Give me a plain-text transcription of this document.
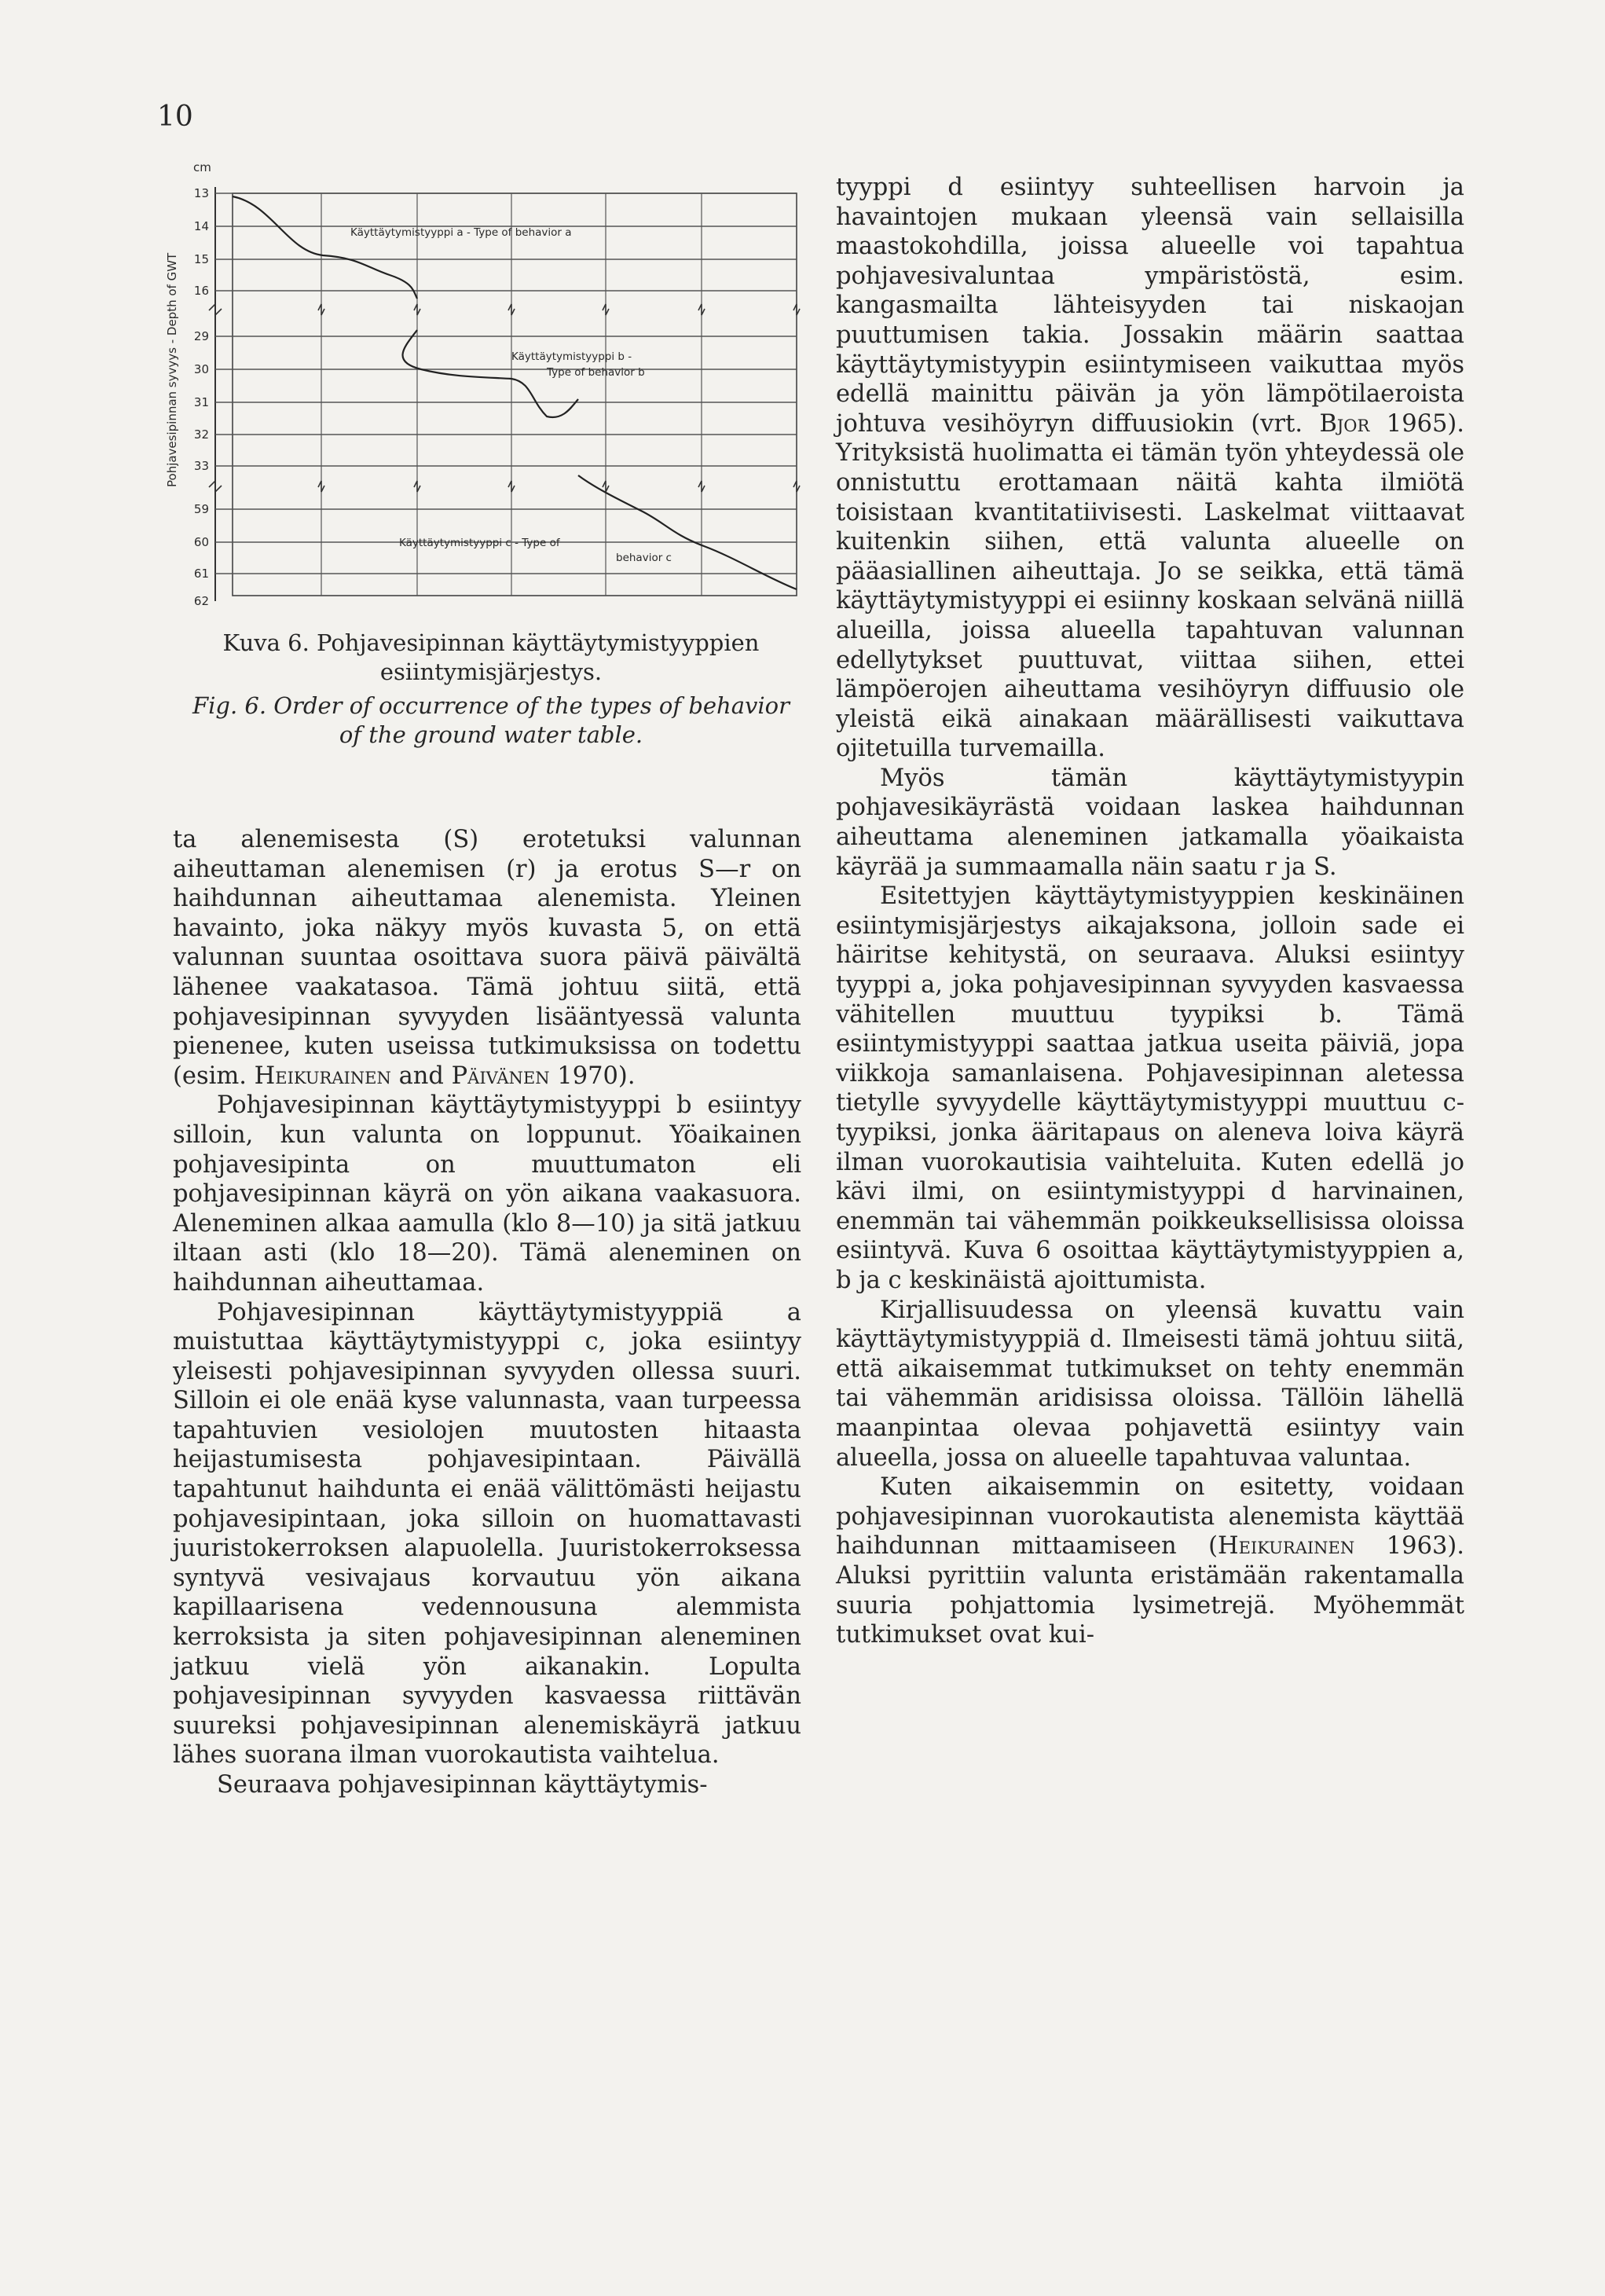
10

Pohjavesipinnan syvyys - Depth of GWT
cm
13
14
15
16
29
30
31
32
33
59
60
61
62
Käyttäytymistyyppi a - Type of behavior a
Käyttäytymistyyppi b -
Type of behavior b
Käyttäytymistyyppi c - Type of
behavior c
Kuva 6. Pohjavesipinnan käyttäytymistyyppien
esiintymisjärjestys.
Fig. 6. Order of occurrence of the types of behavior
of the ground water table.

ta alenemisesta (S) erotetuksi valunnan aiheuttaman alenemisen (r) ja erotus S—r on haihdunnan aiheuttamaa alenemista. Yleinen havainto, joka näkyy myös kuvasta 5, on että valunnan suuntaa osoittava suora päivä päivältä lähenee vaakatasoa. Tämä johtuu siitä, että pohjavesipinnan syvyyden lisääntyessä valunta pienenee, kuten useissa tutkimuksissa on todettu (esim. Heikurainen and Päivänen 1970).

Pohjavesipinnan käyttäytymistyyppi b esiintyy silloin, kun valunta on loppunut. Yöaikainen pohjavesipinta on muuttumaton eli pohjavesipinnan käyrä on yön aikana vaakasuora. Aleneminen alkaa aamulla (klo 8—10) ja sitä jatkuu iltaan asti (klo 18—20). Tämä aleneminen on haihdunnan aiheuttamaa.

Pohjavesipinnan käyttäytymistyyppiä a muistuttaa käyttäytymistyyppi c, joka esiintyy yleisesti pohjavesipinnan syvyyden ollessa suuri. Silloin ei ole enää kyse valunnasta, vaan turpeessa tapahtuvien vesiolojen muutosten hitaasta heijastumisesta pohjavesipintaan. Päivällä tapahtunut haihdunta ei enää välittömästi heijastu pohjavesipintaan, joka silloin on huomattavasti juuristokerroksen alapuolella. Juuristokerroksessa syntyvä vesivajaus korvautuu yön aikana kapillaarisena vedennousuna alemmista kerroksista ja siten pohjavesipinnan aleneminen jatkuu vielä yön aikanakin. Lopulta pohjavesipinnan syvyyden kasvaessa riittävän suureksi pohjavesipinnan alenemiskäyrä jatkuu lähes suorana ilman vuorokautista vaihtelua.

Seuraava pohjavesipinnan käyttäytymis-

tyyppi d esiintyy suhteellisen harvoin ja havaintojen mukaan yleensä vain sellaisilla maastokohdilla, joissa alueelle voi tapahtua pohjavesivaluntaa ympäristöstä, esim. kangasmailta lähteisyyden tai niskaojan puuttumisen takia. Jossakin määrin saattaa käyttäytymistyypin esiintymiseen vaikuttaa myös edellä mainittu päivän ja yön lämpötilaeroista johtuva vesihöyryn diffuusiokin (vrt. Bjor 1965). Yrityksistä huolimatta ei tämän työn yhteydessä ole onnistuttu erottamaan näitä kahta ilmiötä toisistaan kvantitatiivisesti. Laskelmat viittaavat kuitenkin siihen, että valunta alueelle on pääasiallinen aiheuttaja. Jo se seikka, että tämä käyttäytymistyyppi ei esiinny koskaan selvänä niillä alueilla, joissa alueella tapahtuvan valunnan edellytykset puuttuvat, viittaa siihen, ettei lämpöerojen aiheuttama vesihöyryn diffuusio ole yleistä eikä ainakaan määrällisesti vaikuttava ojitetuilla turvemailla.

Myös tämän käyttäytymistyypin pohjavesikäyrästä voidaan laskea haihdunnan aiheuttama aleneminen jatkamalla yöaikaista käyrää ja summaamalla näin saatu r ja S.

Esitettyjen käyttäytymistyyppien keskinäinen esiintymisjärjestys aikajaksona, jolloin sade ei häiritse kehitystä, on seuraava. Aluksi esiintyy tyyppi a, joka pohjavesipinnan syvyyden kasvaessa vähitellen muuttuu tyypiksi b. Tämä esiintymistyyppi saattaa jatkua useita päiviä, jopa viikkoja samanlaisena. Pohjavesipinnan aletessa tietylle syvyydelle käyttäytymistyyppi muuttuu c-tyypiksi, jonka ääritapaus on aleneva loiva käyrä ilman vuorokautisia vaihteluita. Kuten edellä jo kävi ilmi, on esiintymistyyppi d harvinainen, enemmän tai vähemmän poikkeuksellisissa oloissa esiintyvä. Kuva 6 osoittaa käyttäytymistyyppien a, b ja c keskinäistä ajoittumista.

Kirjallisuudessa on yleensä kuvattu vain käyttäytymistyyppiä d. Ilmeisesti tämä johtuu siitä, että aikaisemmat tutkimukset on tehty enemmän tai vähemmän aridisissa oloissa. Tällöin lähellä maanpintaa olevaa pohjavettä esiintyy vain alueella, jossa on alueelle tapahtuvaa valuntaa.

Kuten aikaisemmin on esitetty, voidaan pohjavesipinnan vuorokautista alenemista käyttää haihdunnan mittaamiseen (Heikurainen 1963). Aluksi pyrittiin valunta eristämään rakentamalla suuria pohjattomia lysimetrejä. Myöhemmät tutkimukset ovat kui-
